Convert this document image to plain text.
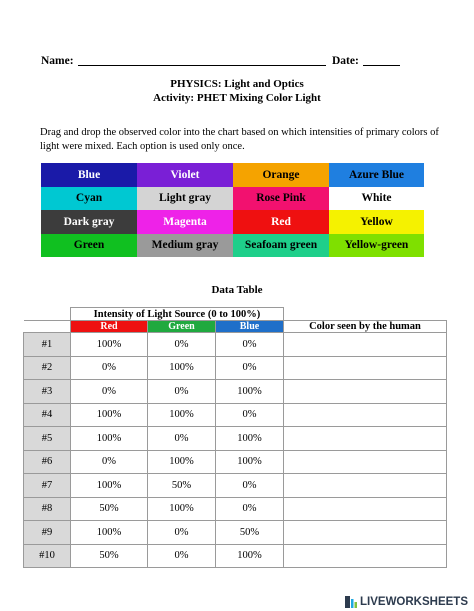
Name:	Date:
PHYSICS: Light and Optics
Activity: PHET Mixing Color Light
Drag and drop the observed color into the chart based on which intensities of primary colors of light were mixed. Each option is used only once.
Blue	Violet	Orange	Azure Blue
Cyan	Light gray	Rose Pink	White
Dark gray	Magenta	Red	Yellow
Green	Medium gray	Seafoam green	Yellow-green
Data Table
	Intensity of Light Source (0 to 100%)			
	Red	Green	Blue	Color seen by the human
#1	100%	0%	0%	
#2	0%	100%	0%	
#3	0%	0%	100%	
#4	100%	100%	0%	
#5	100%	0%	100%	
#6	0%	100%	100%	
#7	100%	50%	0%	
#8	50%	100%	0%	
#9	100%	0%	50%	
#10	50%	0%	100%	
LIVEWORKSHEETS
